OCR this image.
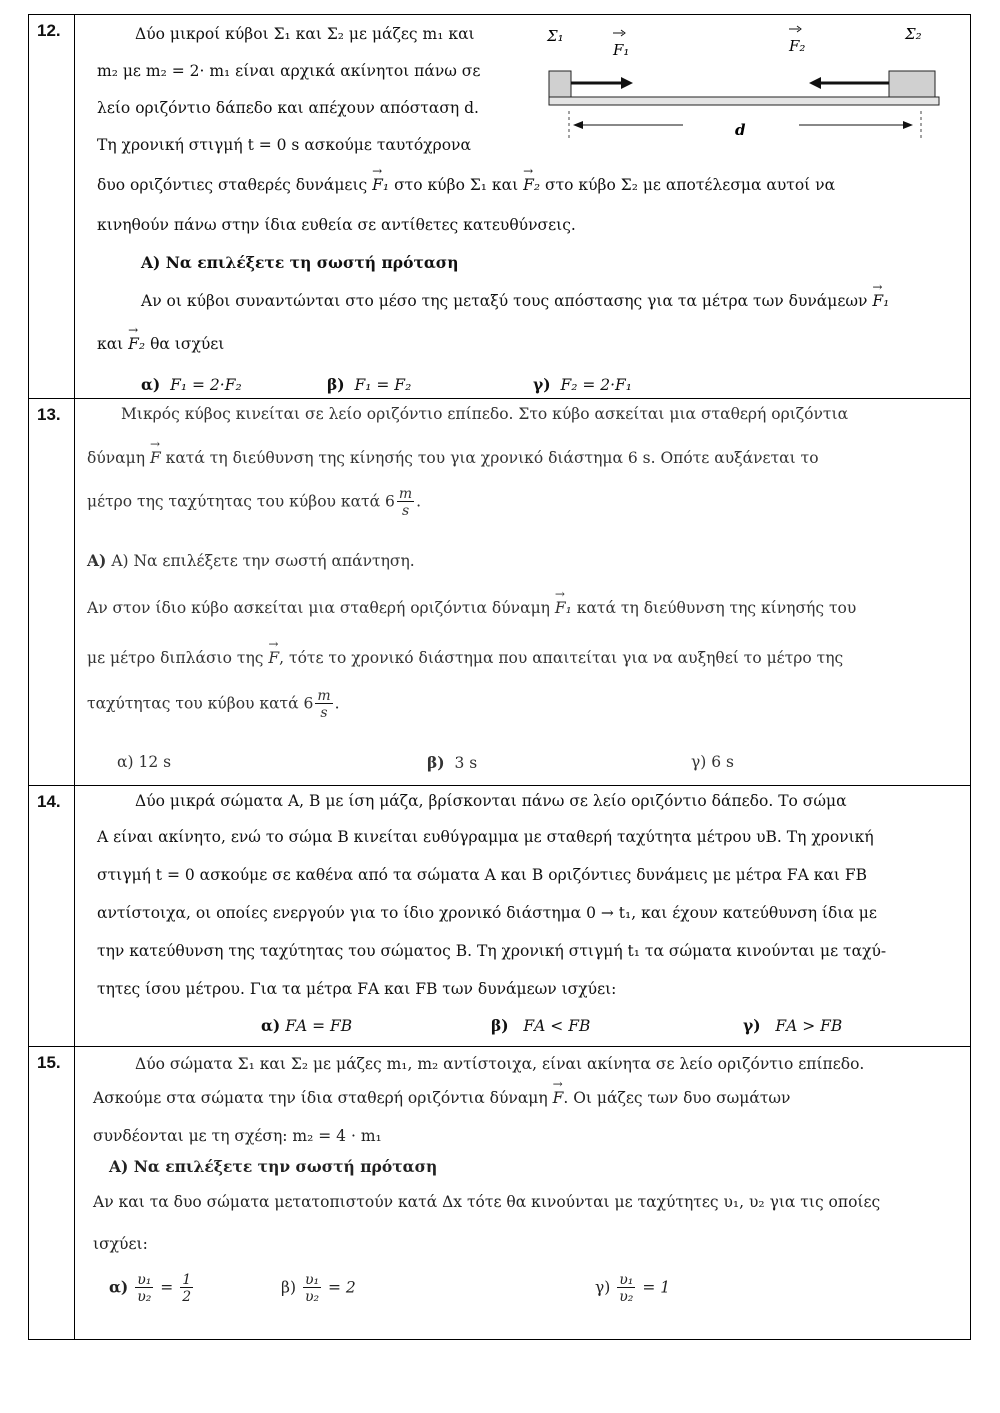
12.	Δύο μικροί κύβοι Σ₁ και Σ₂ με μάζες m₁ και
m₂ με m₂ = 2· m₁ είναι αρχικά ακίνητοι πάνω σε
λείο οριζόντιο δάπεδο και απέχουν απόσταση d.
Τη χρονική στιγμή t = 0 s ασκούμε ταυτόχρονα
Σ₁
F₁	F₂
Σ₂
d
δυο οριζόντιες σταθερές δυνάμεις → F₁ στο κύβο Σ₁ και → F₂ στο κύβο Σ₂ με αποτέλεσμα αυτοί να
κινηθούν πάνω στην ίδια ευθεία σε αντίθετες κατευθύνσεις.
Α) Να επιλέξετε τη σωστή πρόταση
Αν οι κύβοι συναντώνται στο μέσο της μεταξύ τους απόστασης για τα μέτρα των δυνάμεων → F₁
και → F₂ θα ισχύει
α) F₁ = 2·F₂	β) F₁ = F₂	γ) F₂ = 2·F₁
13.	Μικρός κύβος κινείται σε λείο οριζόντιο επίπεδο. Στο κύβο ασκείται μια σταθερή οριζόντια
δύναμη → F κατά τη διεύθυνση της κίνησής του για χρονικό διάστημα 6 s. Οπότε αυξάνεται το
μέτρο της ταχύτητας του κύβου κατά $6 \frac{m}{s}$ .
Α) Α) Να επιλέξετε την σωστή απάντηση.
Αν στον ίδιο κύβο ασκείται μια σταθερή οριζόντια δύναμη → F₁ κατά τη διεύθυνση της κίνησής του
με μέτρο διπλάσιο της → F, τότε το χρονικό διάστημα που απαιτείται για να αυξηθεί το μέτρο της
ταχύτητας του κύβου κατά $6 \frac{m}{s}$ .
α) 12 s	β) 3 s	γ) 6 s
14.	Δύο μικρά σώματα Α, Β με ίση μάζα, βρίσκονται πάνω σε λείο οριζόντιο δάπεδο. Το σώμα
Α είναι ακίνητο, ενώ το σώμα Β κινείται ευθύγραμμα με σταθερή ταχύτητα μέτρου υΒ. Τη χρονική
στιγμή t = 0 ασκούμε σε καθένα από τα σώματα Α και Β οριζόντιες δυνάμεις με μέτρα FΑ και FΒ
αντίστοιχα, οι οποίες ενεργούν για το ίδιο χρονικό διάστημα 0 → t₁, και έχουν κατεύθυνση ίδια με
την κατεύθυνση της ταχύτητας του σώματος Β. Τη χρονική στιγμή t₁ τα σώματα κινούνται με ταχύ-
τητες ίσου μέτρου. Για τα μέτρα FΑ και FΒ των δυνάμεων ισχύει:
α) FΑ = FΒ	β) FΑ < FΒ	γ) FΑ > FΒ
15.	Δύο σώματα Σ₁ και Σ₂ με μάζες m₁, m₂ αντίστοιχα, είναι ακίνητα σε λείο οριζόντιο επίπεδο.
Ασκούμε στα σώματα την ίδια σταθερή οριζόντια δύναμη → F. Οι μάζες των δυο σωμάτων
συνδέονται με τη σχέση: m₂ = 4 · m₁
Α) Να επιλέξετε την σωστή πρόταση
Αν και τα δυο σώματα μετατοπιστούν κατά Δx τότε θα κινούνται με ταχύτητες υ₁, υ₂ για τις οποίες
ισχύει:
$\alpha) \frac{\text{υ₁}}{\text{υ₂}} = \frac{1}{2}$	$\beta) \frac{\text{υ₁}}{\text{υ₂}} = 2$	$\gamma) \frac{\text{υ₁}}{\text{υ₂}} = 1$
